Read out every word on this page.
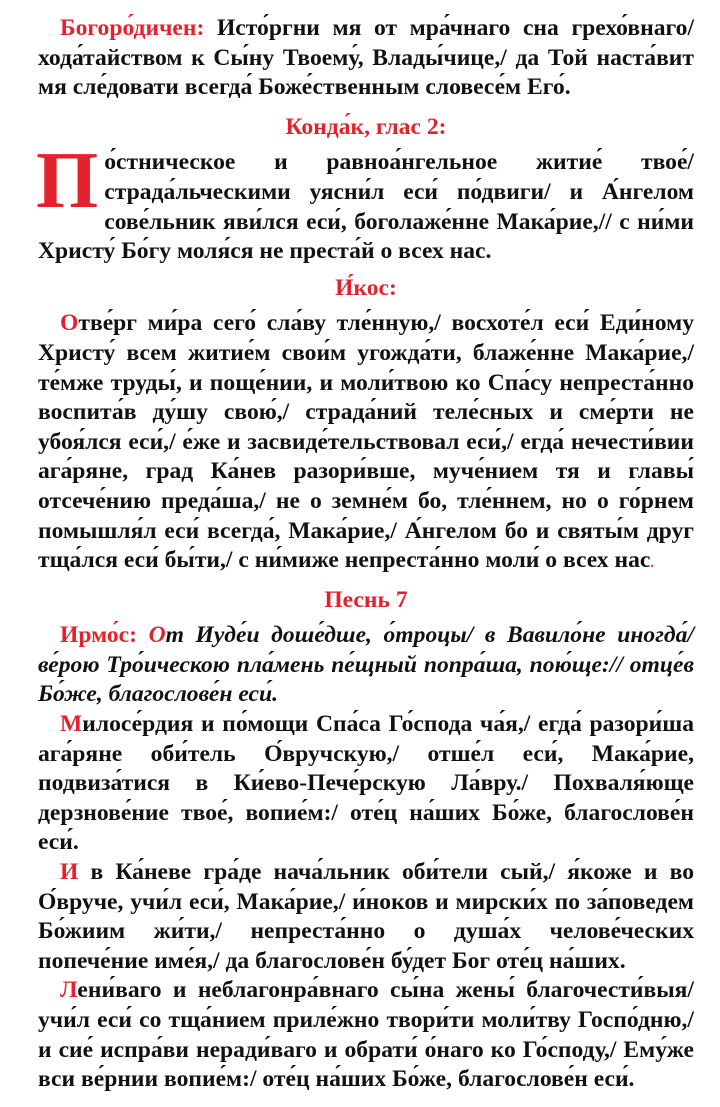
Богоро́дичен: Исто́ргни мя от мра́чнаго сна грехо́внаго/ хода́тайством к Сы́ну Твоему́, Влады́чице,/ да Той наста́вит мя сле́довати всегда́ Боже́ственным словесе́м Его́.

Конда́к, глас 2:

По́стническое и равноа́нгельное житие́ твое́/ страда́льческими уясни́л еси́ по́двиги/ и А́нгелом сове́льник яви́лся еси́, боголаже́нне Мака́рие,// с ни́ми Христу́ Бо́гу моля́ся не преста́й о всех нас.

И́кос:

Отве́рг ми́ра сего́ сла́ву тле́нную,/ восхоте́л еси́ Еди́ному Христу́ всем житие́м свои́м угожда́ти, блаже́нне Мака́рие,/ те́мже труды́, и поще́нии, и моли́твою ко Спа́су непреста́нно воспита́в ду́шу свою́,/ страда́ний теле́сных и сме́рти не убоя́лся еси́,/ е́же и засвиде́тельствовал еси́,/ егда́ нечести́вии ага́ряне, град Ка́нев разори́вше, муче́нием тя и главы́ отсече́нию преда́ша,/ не о земне́м бо, тле́ннем, но о го́рнем помышля́л еси́ всегда́, Мака́рие,/ А́нгелом бо и святы́м друг тща́лся еси́ бы́ти,/ с ни́миже непреста́нно моли́ о всех нас.

Песнь 7

Ирмо́с: От Иуде́и доше́дше, о́троцы/ в Вавило́не иногда́/ ве́рою Тро́ическою пла́мень пе́щный попра́ша, пою́ще:// отце́в Бо́же, благослове́н еси́.

Милосе́рдия и по́мощи Спа́са Го́спода ча́я,/ егда́ разори́ша ага́ряне оби́тель О́вручскую,/ отше́л еси́, Мака́рие, подвиза́тися в Ки́ево-Пече́рскую Ла́вру./ Похваля́юще дерзнове́ние твое́, вопие́м:/ оте́ц на́ших Бо́же, благослове́н еси́.

И в Ка́неве гра́де нача́льник оби́тели сый,/ я́коже и во О́вруче, учи́л еси́, Мака́рие,/ и́ноков и мирски́х по за́поведем Бо́жиим жи́ти,/ непреста́нно о душа́х челове́ческих попече́ние име́я,/ да благослове́н бу́дет Бог оте́ц на́ших.

Лени́ваго и неблагонра́внаго сы́на жены́ благочести́выя/ учи́л еси́ со тща́нием приле́жно твори́ти моли́тву Госпо́дню,/ и сие́ испра́ви неради́ваго и обрати́ о́наго ко Го́споду,/ Ему́же вси ве́рнии вопие́м:/ оте́ц на́ших Бо́же, благослове́н еси́.
